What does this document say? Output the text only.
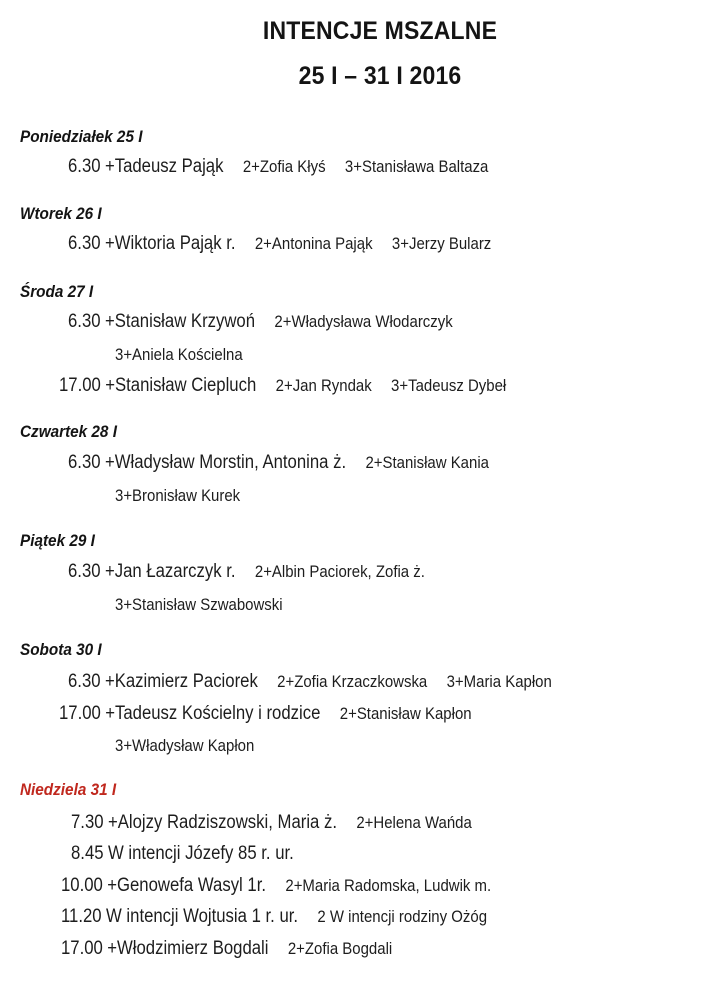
INTENCJE MSZALNE
25 I – 31 I 2016
Poniedziałek 25 I
6.30 +Tadeusz Pająk 2+Zofia Kłyś 3+Stanisława Baltaza
Wtorek 26 I
6.30 +Wiktoria Pająk r. 2+Antonina Pająk 3+Jerzy Bularz
Środa 27 I
6.30 +Stanisław Krzywoń 2+Władysława Włodarczyk
3+Aniela Kościelna
17.00 +Stanisław Ciepluch 2+Jan Ryndak 3+Tadeusz Dybeł
Czwartek 28 I
6.30 +Władysław Morstin, Antonina ż. 2+Stanisław Kania
3+Bronisław Kurek
Piątek 29 I
6.30 +Jan Łazarczyk r. 2+Albin Paciorek, Zofia ż.
3+Stanisław Szwabowski
Sobota 30 I
6.30 +Kazimierz Paciorek 2+Zofia Krzaczkowska 3+Maria Kapłon
17.00 +Tadeusz Kościelny i rodzice 2+Stanisław Kapłon
3+Władysław Kapłon
Niedziela 31 I
7.30 +Alojzy Radziszowski, Maria ż. 2+Helena Wańda
8.45 W intencji Józefy 85 r. ur.
10.00 +Genowefa Wasyl 1r. 2+Maria Radomska, Ludwik m.
11.20 W intencji Wojtusia 1 r. ur. 2 W intencji rodziny Ożóg
17.00 +Włodzimierz Bogdali 2+Zofia Bogdali
